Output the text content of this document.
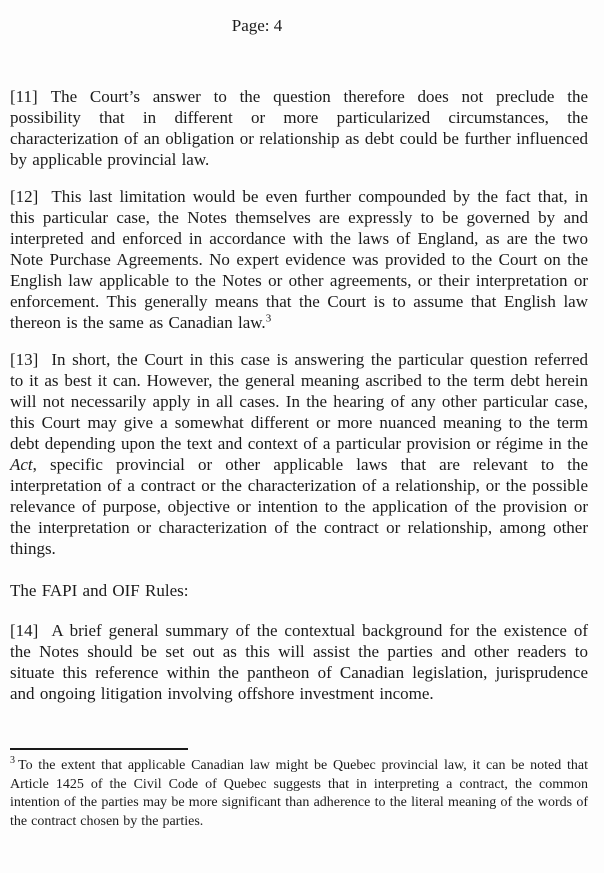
Page: 4

[11] The Court’s answer to the question therefore does not preclude the possibility that in different or more particularized circumstances, the characterization of an obligation or relationship as debt could be further influenced by applicable provincial law.

[12] This last limitation would be even further compounded by the fact that, in this particular case, the Notes themselves are expressly to be governed by and interpreted and enforced in accordance with the laws of England, as are the two Note Purchase Agreements. No expert evidence was provided to the Court on the English law applicable to the Notes or other agreements, or their interpretation or enforcement. This generally means that the Court is to assume that English law thereon is the same as Canadian law.$^3$

[13] In short, the Court in this case is answering the particular question referred to it as best it can. However, the general meaning ascribed to the term debt herein will not necessarily apply in all cases. In the hearing of any other particular case, this Court may give a somewhat different or more nuanced meaning to the term debt depending upon the text and context of a particular provision or régime in the Act, specific provincial or other applicable laws that are relevant to the interpretation of a contract or the characterization of a relationship, or the possible relevance of purpose, objective or intention to the application of the provision or the interpretation or characterization of the contract or relationship, among other things.

The FAPI and OIF Rules:

[14] A brief general summary of the contextual background for the existence of the Notes should be set out as this will assist the parties and other readers to situate this reference within the pantheon of Canadian legislation, jurisprudence and ongoing litigation involving offshore investment income.

$^3$ To the extent that applicable Canadian law might be Quebec provincial law, it can be noted that Article 1425 of the Civil Code of Quebec suggests that in interpreting a contract, the common intention of the parties may be more significant than adherence to the literal meaning of the words of the contract chosen by the parties.
